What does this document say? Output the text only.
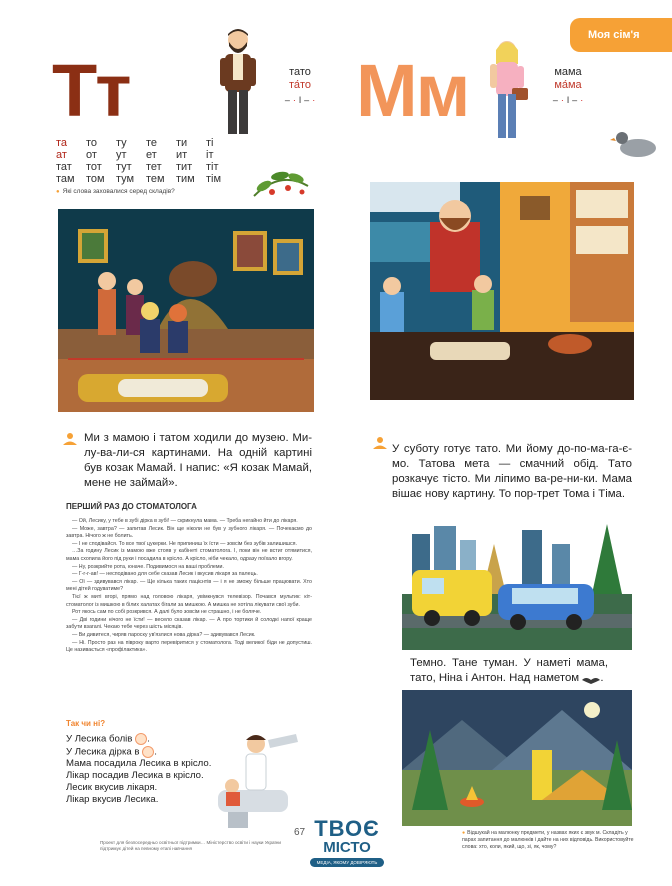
Моя сім'я
Тт	тато
та́то
– · ǀ – ·
та	то	ту	те	ти	ті
ат	от	ут	ет	ит	іт
тат	тот	тут	тет	тит	тіт
там	том	тум	тем	тим	тім
● Які слова заховалися серед складів?
Ми з мамою і татом ходили до музею. Ми-лу-ва-ли-ся картинами. На одній картині був козак Мамай. І напис: «Я козак Мамай, мене не займай».
ПЕРШИЙ РАЗ ДО СТОМАТОЛОГА

— Ой, Лесику, у тебе в зубі дірка в зубі! — скрикнула мама. — Треба негайно йти до лікаря.

— Може, завтра? — запитав Лесик. Він ще ніколи не був у зубного лікаря. — Почекаємо до завтра. Нічого ж не болить.

— І не сподівайся. То все твої цукерки. Не припиниш їх їсти — зовсім без зубів залишишся.

…За годину Лесик із мамою вже стояв у кабінеті стоматолога. І, поки він не встиг отямитися, мама схопила його під руки і посадила в крісло. А крісло, ніби чекало, одразу поїхало вгору.

— Ну, розкрийте рота, юначе. Подивимося на ваші проблеми.

— Г-г-г-ав! — несподівано для себе сказав Лесик і вкусив лікаря за палець.

— Ої — здивувався лікар. — Ще кілька таких пацієнтів — і я не зможу більше працювати. Хто мені дітей годуватиме?

Тієї ж миті вгорі, прямо над головою лікаря, увімкнувся телевізор. Почався мультик: кіт-стоматолог із мишкою в білих халатах бігали за мишкою. А мишка не хотіла лікувати свої зуби.

Рот якось сам по собі розкрився. А далі було зовсім не страшно, і не боляче.

— Дві години нічого не їсти! — весело сказав лікар. — А про тортики й солодкі напої краще забути взагалі. Чекаю тебе через шість місяців.

— Ви дивитеся, чиряв пароску ув'язлися нова дірка? — здивувався Лесик.

— Ні. Просто раз на півроку варто перевіритися у стоматолога. Тоді великої біди не допустиш. Це називається «профілактика».

Так чи ні?
У Лесика болів .
У Лесика дірка в .
Мама посадила Лесика в крісло.
Лікар посадив Лесика в крісло.
Лесик вкусив лікаря.
Лікар вкусив Лесика.
67
Проект для безпосередньо освітньої підтримки… Міністерство освіти і науки України підтримує дітей на певному етапі навчання
ТВОЄ
МІСТО
МЕДІА, ЯКОМУ ДОВІРЯЮТЬ
Мм	мама
ма́ма
– · ǀ – ·
У суботу готує тато. Ми йому до-по-ма-га-є-мо. Татова мета — смачний обід. Тато розкачує тісто. Ми ліпимо ва-ре-ни-ки. Мама вішає нову картину. То пор-трет Тома і Тіма.
Темно. Тане туман. У наметі мама, тато, Ніна і Антон. Над наметом .
● Відшукай на малюнку предмети, у назвах яких є звук м. Складіть у парах запитання до малюнків і дайте на них відповідь. Використовуйте слова: хто, коли, який, що, зі, як, чому?
